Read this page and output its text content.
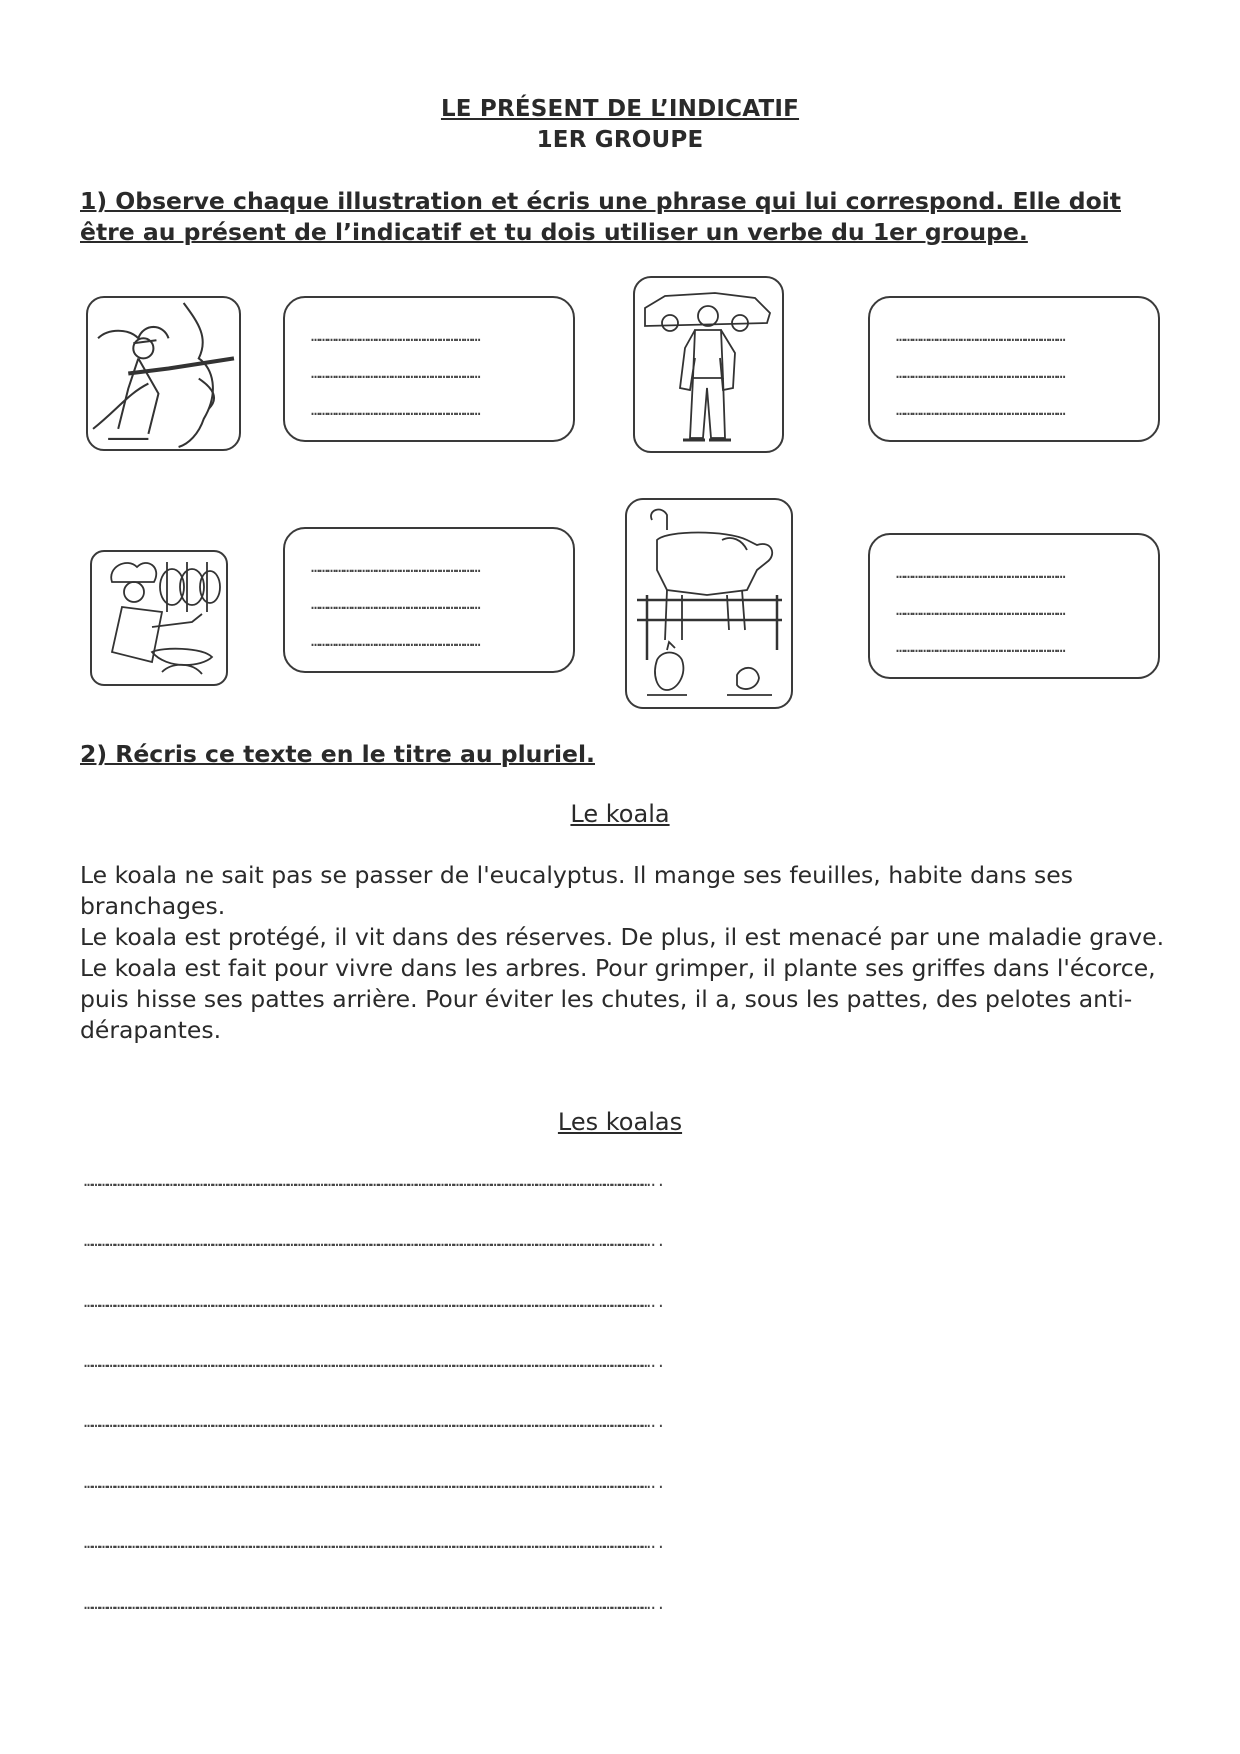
LE PRÉSENT DE L’INDICATIF
1ER GROUPE
1) Observe chaque illustration et écris une phrase qui lui correspond. Elle doit être au présent de l’indicatif et tu dois utiliser un verbe du 1er groupe.
………………………………………………………
………………………………………………………
………………………………………………………
………………………………………………………
………………………………………………………
………………………………………………………
………………………………………………………
………………………………………………………
………………………………………………………
………………………………………………………
………………………………………………………
………………………………………………………
2) Récris ce texte en le titre au pluriel.
Le koala

Le koala ne sait pas se passer de l'eucalyptus. Il mange ses feuilles, habite dans ses branchages.

Le koala est protégé, il vit dans des réserves. De plus, il est menacé par une maladie grave.

Le koala est fait pour vivre dans les arbres. Pour grimper, il plante ses griffes dans l'écorce, puis hisse ses pattes arrière. Pour éviter les chutes, il a, sous les pattes, des pelotes anti-dérapantes.

Les koalas
………………………………………………………………………………………………………………………………………………………………………………………………………..
………………………………………………………………………………………………………………………………………………………………………………………………………..
………………………………………………………………………………………………………………………………………………………………………………………………………..
………………………………………………………………………………………………………………………………………………………………………………………………………..
………………………………………………………………………………………………………………………………………………………………………………………………………..
………………………………………………………………………………………………………………………………………………………………………………………………………..
………………………………………………………………………………………………………………………………………………………………………………………………………..
………………………………………………………………………………………………………………………………………………………………………………………………………..
